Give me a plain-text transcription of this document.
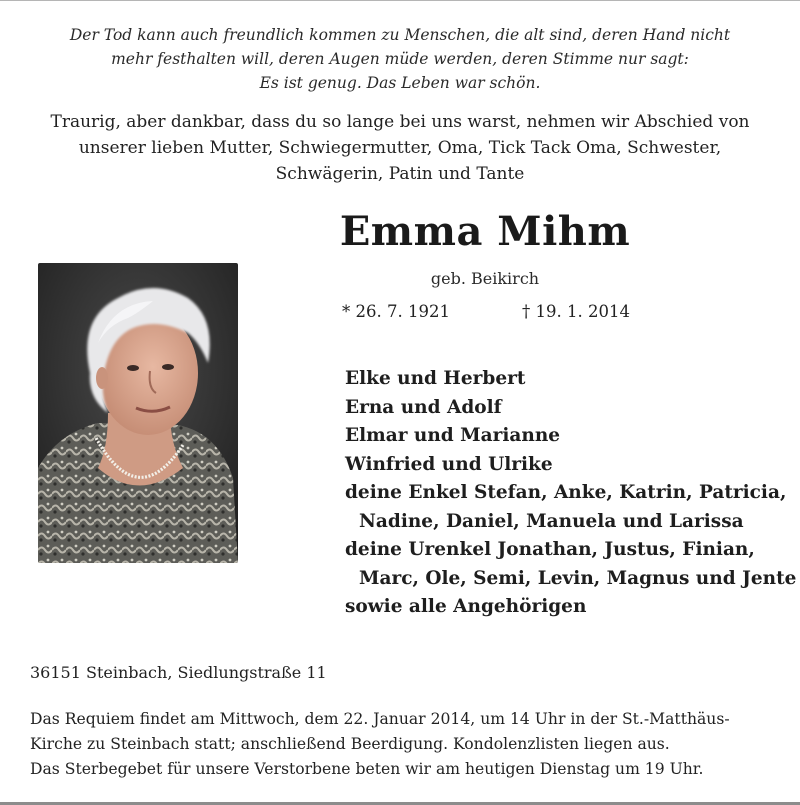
Der Tod kann auch freundlich kommen zu Menschen, die alt sind, deren Hand nicht
mehr festhalten will, deren Augen müde werden, deren Stimme nur sagt:
Es ist genug. Das Leben war schön.
Traurig, aber dankbar, dass du so lange bei uns warst, nehmen wir Abschied von
unserer lieben Mutter, Schwiegermutter, Oma, Tick Tack Oma, Schwester,
Schwägerin, Patin und Tante
Emma Mihm
geb. Beikirch
* 26. 7. 1921	† 19. 1. 2014
Elke und Herbert
Erna und Adolf
Elmar und Marianne
Winfried und Ulrike
deine Enkel Stefan, Anke, Katrin, Patricia,
Nadine, Daniel, Manuela und Larissa
deine Urenkel Jonathan, Justus, Finian,
Marc, Ole, Semi, Levin, Magnus und Jente
sowie alle Angehörigen
36151 Steinbach, Siedlungstraße 11
Das Requiem findet am Mittwoch, dem 22. Januar 2014, um 14 Uhr in der St.-Matthäus-
Kirche zu Steinbach statt; anschließend Beerdigung. Kondolenzlisten liegen aus.
Das Sterbegebet für unsere Verstorbene beten wir am heutigen Dienstag um 19 Uhr.
